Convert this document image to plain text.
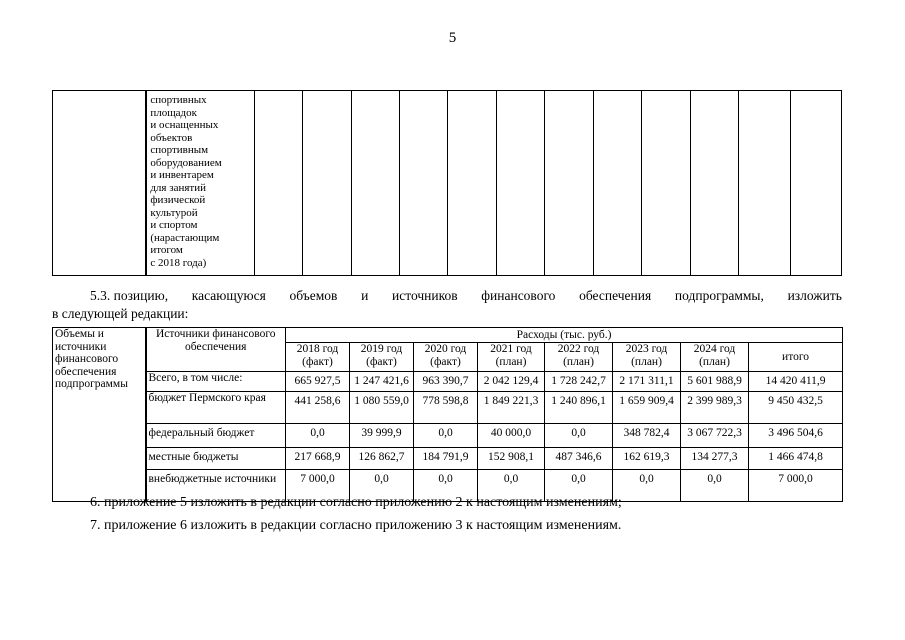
5

спортивных
площадок
и оснащенных
объектов
спортивным
оборудованием
и инвентарем
для занятий
физической
культурой
и спортом
(нарастающим
итогом
с 2018 года)

5.3. позицию, касающуюся объемов и источников финансового обеспечения подпрограммы, изложить
в следующей редакции:
Объемы и источники финансового обеспечения подпрограммы	Источники финансового обеспечения	Расходы (тыс. руб.)							
		2018 год (факт)	2019 год (факт)	2020 год (факт)	2021 год (план)	2022 год (план)	2023 год (план)	2024 год (план)	итого
	Всего, в том числе:	665 927,5	1 247 421,6	963 390,7	2 042 129,4	1 728 242,7	2 171 311,1	5 601 988,9	14 420 411,9
	бюджет Пермского края	441 258,6	1 080 559,0	778 598,8	1 849 221,3	1 240 896,1	1 659 909,4	2 399 989,3	9 450 432,5
	федеральный бюджет	0,0	39 999,9	0,0	40 000,0	0,0	348 782,4	3 067 722,3	3 496 504,6
	местные бюджеты	217 668,9	126 862,7	184 791,9	152 908,1	487 346,6	162 619,3	134 277,3	1 466 474,8
	внебюджетные источники	7 000,0	0,0	0,0	0,0	0,0	0,0	0,0	7 000,0
6. приложение 5 изложить в редакции согласно приложению 2 к настоящим изменениям;
7. приложение 6 изложить в редакции согласно приложению 3 к настоящим изменениям.
